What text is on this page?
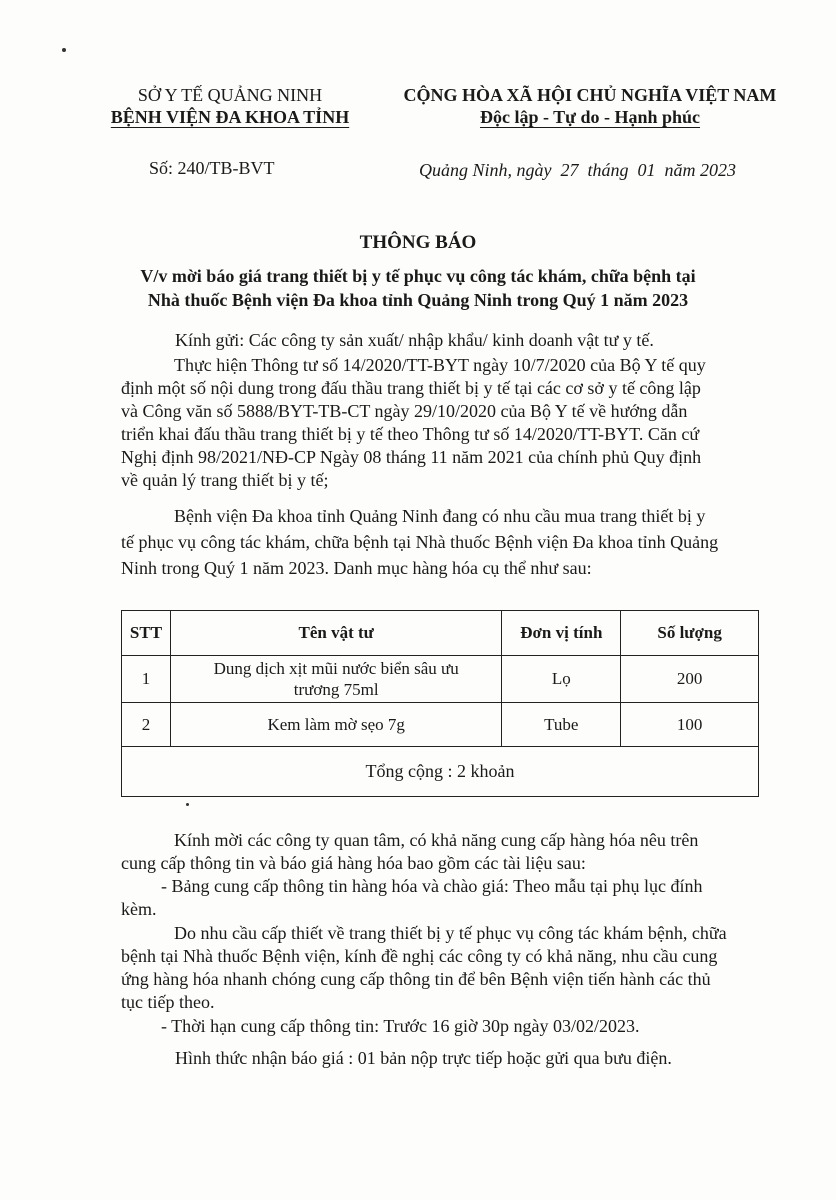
SỞ Y TẾ QUẢNG NINH
BỆNH VIỆN ĐA KHOA TỈNH
CỘNG HÒA XÃ HỘI CHỦ NGHĨA VIỆT NAM
Độc lập - Tự do - Hạnh phúc
Số: 240/TB-BVT	Quảng Ninh, ngày  27  tháng  01  năm 2023
THÔNG BÁO
V/v mời báo giá trang thiết bị y tế phục vụ công tác khám, chữa bệnh tại
Nhà thuốc Bệnh viện Đa khoa tỉnh Quảng Ninh trong Quý 1 năm 2023
Kính gửi: Các công ty sản xuất/ nhập khẩu/ kinh doanh vật tư y tế.
Thực hiện Thông tư số 14/2020/TT-BYT ngày 10/7/2020 của Bộ Y tế quy
định một số nội dung trong đấu thầu trang thiết bị y tế tại các cơ sở y tế công lập
và Công văn số 5888/BYT-TB-CT ngày 29/10/2020 của Bộ Y tế về hướng dẫn
triển khai đấu thầu trang thiết bị y tế theo Thông tư số 14/2020/TT-BYT. Căn cứ
Nghị định 98/2021/NĐ-CP Ngày 08 tháng 11 năm 2021 của chính phủ Quy định
về quản lý trang thiết bị y tế;
Bệnh viện Đa khoa tỉnh Quảng Ninh đang có nhu cầu mua trang thiết bị y
tế phục vụ công tác khám, chữa bệnh tại Nhà thuốc Bệnh viện Đa khoa tỉnh Quảng
Ninh trong Quý 1 năm 2023. Danh mục hàng hóa cụ thể như sau:
STT	Tên vật tư	Đơn vị tính	Số lượng
1	Dung dịch xịt mũi nước biển sâu ưu trương 75ml	Lọ	200
2	Kem làm mờ sẹo 7g	Tube	100
Tổng cộng : 2 khoản			
Kính mời các công ty quan tâm, có khả năng cung cấp hàng hóa nêu trên
cung cấp thông tin và báo giá hàng hóa bao gồm các tài liệu sau:
- Bảng cung cấp thông tin hàng hóa và chào giá: Theo mẫu tại phụ lục đính
kèm.
Do nhu cầu cấp thiết về trang thiết bị y tế phục vụ công tác khám bệnh, chữa
bệnh tại Nhà thuốc Bệnh viện, kính đề nghị các công ty có khả năng, nhu cầu cung
ứng hàng hóa nhanh chóng cung cấp thông tin để bên Bệnh viện tiến hành các thủ
tục tiếp theo.
- Thời hạn cung cấp thông tin: Trước 16 giờ 30p ngày 03/02/2023.
Hình thức nhận báo giá : 01 bản nộp trực tiếp hoặc gửi qua bưu điện.
